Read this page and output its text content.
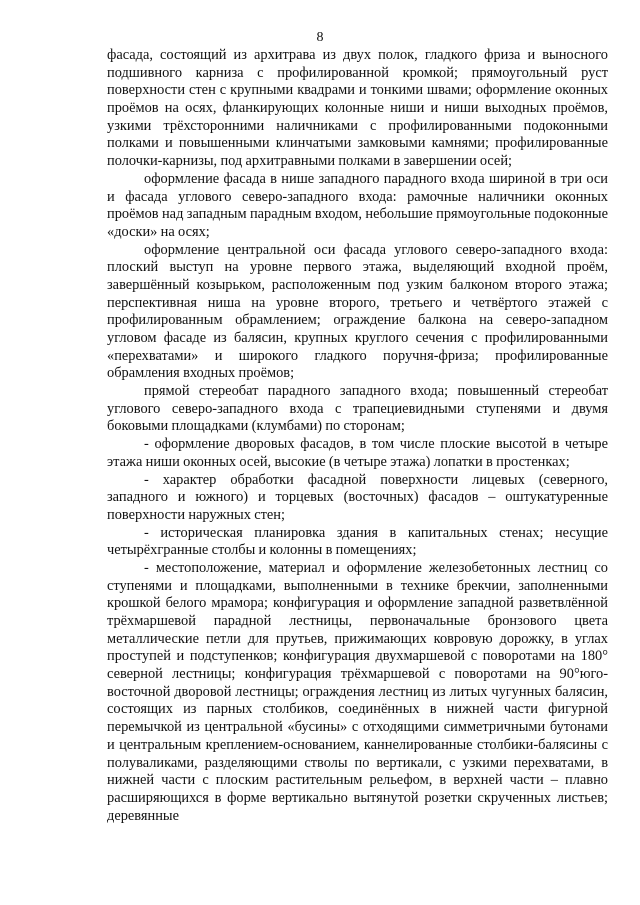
8

фасада, состоящий из архитрава из двух полок, гладкого фриза и выносного подшивного карниза с профилированной кромкой; прямоугольный руст поверхности стен с крупными квадрами и тонкими швами; оформление оконных проёмов на осях, фланкирующих колонные ниши и ниши выходных проёмов, узкими трёхсторонними наличниками с профилированными подоконными полками и повышенными клинчатыми замковыми камнями; профилированные полочки-карнизы, под архитравными полками в завершении осей;

оформление фасада в нише западного парадного входа шириной в три оси и фасада углового северо-западного входа: рамочные наличники оконных проёмов над западным парадным входом, небольшие прямоугольные подоконные «доски» на осях;

оформление центральной оси фасада углового северо-западного входа: плоский выступ на уровне первого этажа, выделяющий входной проём, завершённый козырьком, расположенным под узким балконом второго этажа; перспективная ниша на уровне второго, третьего и четвёртого этажей с профилированным обрамлением; ограждение балкона на северо-западном угловом фасаде из балясин, крупных круглого сечения с профилированными «перехватами» и широкого гладкого поручня-фриза; профилированные обрамления входных проёмов;

прямой стереобат парадного западного входа; повышенный стереобат углового северо-западного входа с трапециевидными ступенями и двумя боковыми площадками (клумбами) по сторонам;

- оформление дворовых фасадов, в том числе плоские высотой в четыре этажа ниши оконных осей, высокие (в четыре этажа) лопатки в простенках;

- характер обработки фасадной поверхности лицевых (северного, западного и южного) и торцевых (восточных) фасадов – оштукатуренные поверхности наружных стен;

- историческая планировка здания в капитальных стенах; несущие четырёхгранные столбы и колонны в помещениях;

- местоположение, материал и оформление железобетонных лестниц со ступенями и площадками, выполненными в технике брекчии, заполненными крошкой белого мрамора; конфигурация и оформление западной разветвлённой трёхмаршевой парадной лестницы, первоначальные бронзового цвета металлические петли для прутьев, прижимающих ковровую дорожку, в углах проступей и подступенков; конфигурация двухмаршевой с поворотами на 180° северной лестницы; конфигурация трёхмаршевой с поворотами на 90°юго-восточной дворовой лестницы; ограждения лестниц из литых чугунных балясин, состоящих из парных столбиков, соединённых в нижней части фигурной перемычкой из центральной «бусины» с отходящими симметричными бутонами и центральным креплением-основанием, каннелированные столбики-балясины с полуваликами, разделяющими стволы по вертикали, с узкими перехватами, в нижней части с плоским растительным рельефом, в верхней части – плавно расширяющихся в форме вертикально вытянутой розетки скрученных листьев; деревянные
